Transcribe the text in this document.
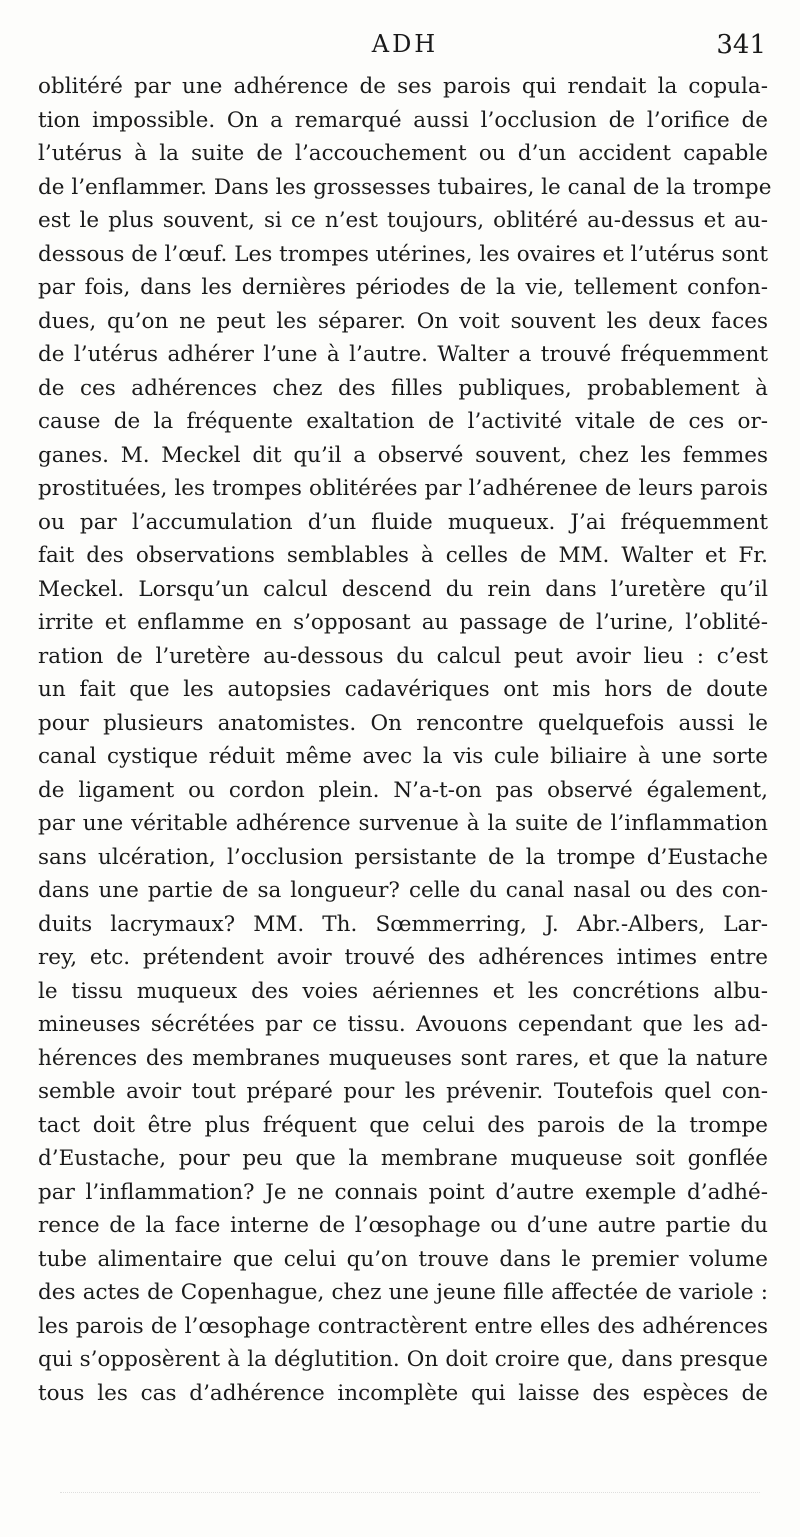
ADH	341
oblitéré par une adhérence de ses parois qui rendait la copula-
tion impossible. On a remarqué aussi l’occlusion de l’orifice de
l’utérus à la suite de l’accouchement ou d’un accident capable
de l’enflammer. Dans les grossesses tubaires, le canal de la trompe
est le plus souvent, si ce n’est toujours, oblitéré au-dessus et au-
dessous de l’œuf. Les trompes utérines, les ovaires et l’utérus sont
par fois, dans les dernières périodes de la vie, tellement confon-
dues, qu’on ne peut les séparer. On voit souvent les deux faces
de l’utérus adhérer l’une à l’autre. Walter a trouvé fréquemment
de ces adhérences chez des filles publiques, probablement à
cause de la fréquente exaltation de l’activité vitale de ces or-
ganes. M. Meckel dit qu’il a observé souvent, chez les femmes
prostituées, les trompes oblitérées par l’adhérenee de leurs parois
ou par l’accumulation d’un fluide muqueux. J’ai fréquemment
fait des observations semblables à celles de MM. Walter et Fr.
Meckel. Lorsqu’un calcul descend du rein dans l’uretère qu’il
irrite et enflamme en s’opposant au passage de l’urine, l’oblité-
ration de l’uretère au-dessous du calcul peut avoir lieu : c’est
un fait que les autopsies cadavériques ont mis hors de doute
pour plusieurs anatomistes. On rencontre quelquefois aussi le
canal cystique réduit même avec la vis cule biliaire à une sorte
de ligament ou cordon plein. N’a-t-on pas observé également,
par une véritable adhérence survenue à la suite de l’inflammation
sans ulcération, l’occlusion persistante de la trompe d’Eustache
dans une partie de sa longueur? celle du canal nasal ou des con-
duits lacrymaux? MM. Th. Sœmmerring, J. Abr.-Albers, Lar-
rey, etc. prétendent avoir trouvé des adhérences intimes entre
le tissu muqueux des voies aériennes et les concrétions albu-
mineuses sécrétées par ce tissu. Avouons cependant que les ad-
hérences des membranes muqueuses sont rares, et que la nature
semble avoir tout préparé pour les prévenir. Toutefois quel con-
tact doit être plus fréquent que celui des parois de la trompe
d’Eustache, pour peu que la membrane muqueuse soit gonflée
par l’inflammation? Je ne connais point d’autre exemple d’adhé-
rence de la face interne de l’œsophage ou d’une autre partie du
tube alimentaire que celui qu’on trouve dans le premier volume
des actes de Copenhague, chez une jeune fille affectée de variole :
les parois de l’œsophage contractèrent entre elles des adhérences
qui s’opposèrent à la déglutition. On doit croire que, dans presque
tous les cas d’adhérence incomplète qui laisse des espèces de
